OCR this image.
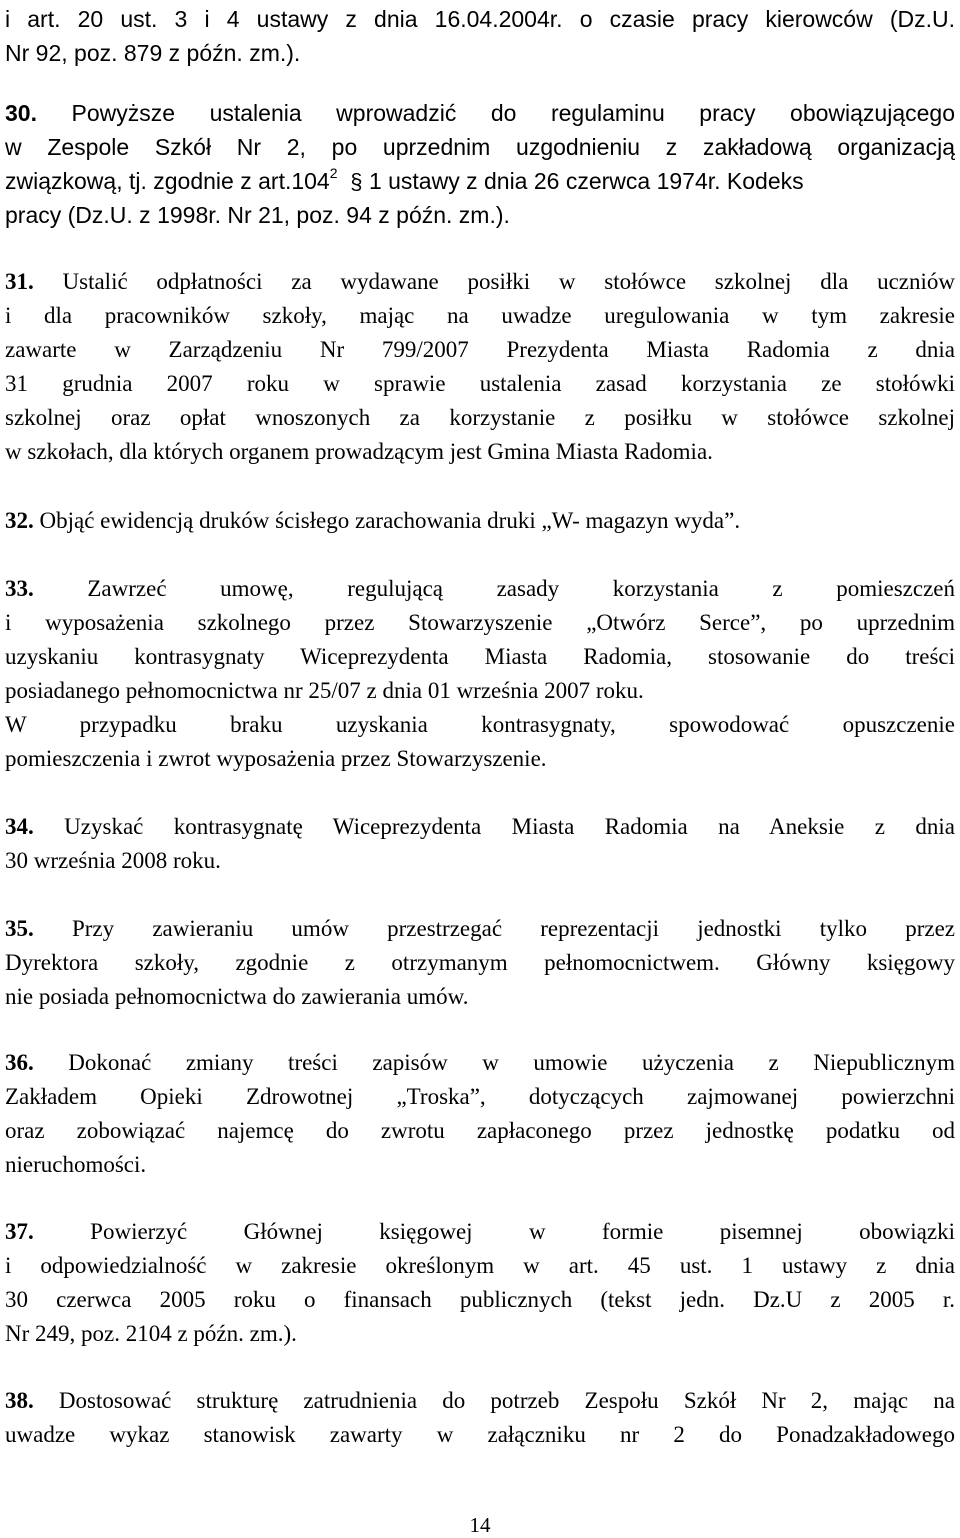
i art. 20 ust. 3 i 4 ustawy z dnia 16.04.2004r. o czasie pracy kierowców (Dz.U.
Nr 92, poz. 879 z późn. zm.).
30. Powyższe ustalenia wprowadzić do regulaminu pracy obowiązującego
w Zespole Szkół Nr 2, po uprzednim uzgodnieniu z zakładową organizacją
związkową, tj. zgodnie z art.104$^2$ § 1 ustawy z dnia 26 czerwca 1974r. Kodeks
pracy (Dz.U. z 1998r. Nr 21, poz. 94 z późn. zm.).
31. Ustalić odpłatności za wydawane posiłki w stołówce szkolnej dla uczniów
i dla pracowników szkoły, mając na uwadze uregulowania w tym zakresie
zawarte w Zarządzeniu Nr 799/2007 Prezydenta Miasta Radomia z dnia
31 grudnia 2007 roku w sprawie ustalenia zasad korzystania ze stołówki
szkolnej oraz opłat wnoszonych za korzystanie z posiłku w stołówce szkolnej
w szkołach, dla których organem prowadzącym jest Gmina Miasta Radomia.
32. Objąć ewidencją druków ścisłego zarachowania druki „W- magazyn wyda”.
33. Zawrzeć umowę, regulującą zasady korzystania z pomieszczeń
i wyposażenia szkolnego przez Stowarzyszenie „Otwórz Serce”, po uprzednim
uzyskaniu kontrasygnaty Wiceprezydenta Miasta Radomia, stosowanie do treści
posiadanego pełnomocnictwa nr 25/07 z dnia 01 września 2007 roku.
W przypadku braku uzyskania kontrasygnaty, spowodować opuszczenie
pomieszczenia i zwrot wyposażenia przez Stowarzyszenie.
34. Uzyskać kontrasygnatę Wiceprezydenta Miasta Radomia na Aneksie z dnia
30 września 2008 roku.
35. Przy zawieraniu umów przestrzegać reprezentacji jednostki tylko przez
Dyrektora szkoły, zgodnie z otrzymanym pełnomocnictwem. Główny księgowy
nie posiada pełnomocnictwa do zawierania umów.
36. Dokonać zmiany treści zapisów w umowie użyczenia z Niepublicznym
Zakładem Opieki Zdrowotnej „Troska”, dotyczących zajmowanej powierzchni
oraz zobowiązać najemcę do zwrotu zapłaconego przez jednostkę podatku od
nieruchomości.
37. Powierzyć Głównej księgowej w formie pisemnej obowiązki
i odpowiedzialność w zakresie określonym w art. 45 ust. 1 ustawy z dnia
30 czerwca 2005 roku o finansach publicznych (tekst jedn. Dz.U z 2005 r.
Nr 249, poz. 2104 z późn. zm.).
38. Dostosować strukturę zatrudnienia do potrzeb Zespołu Szkół Nr 2, mając na
uwadze wykaz stanowisk zawarty w załączniku nr 2 do Ponadzakładowego
14
